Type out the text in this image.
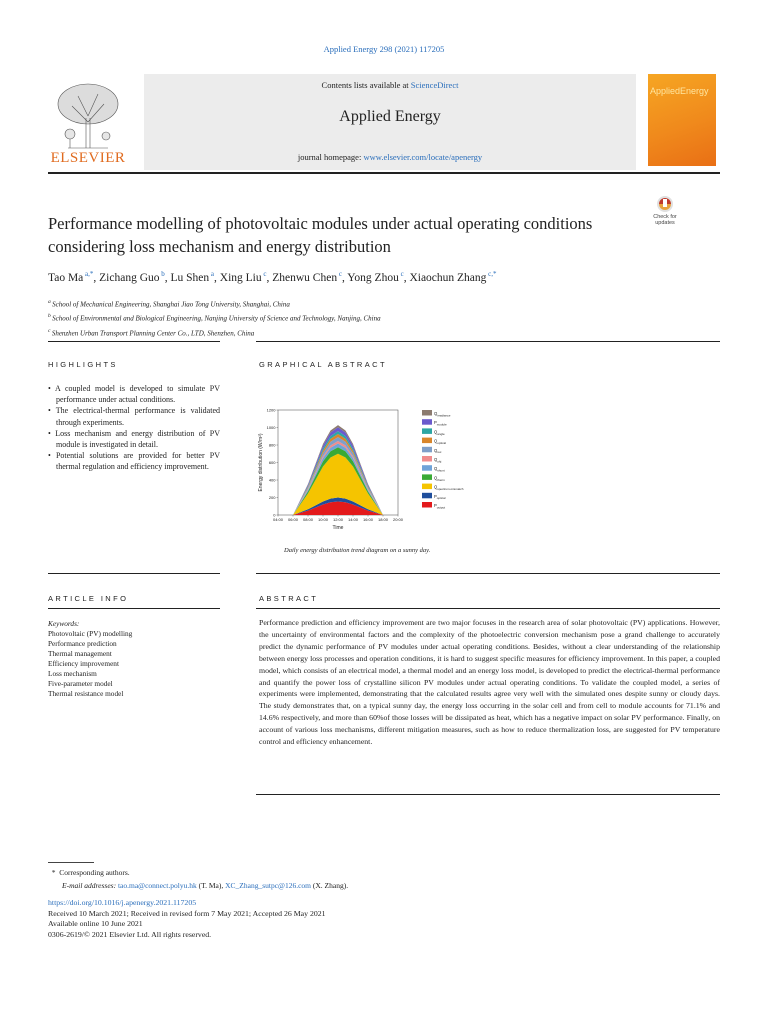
Applied Energy 298 (2021) 117205
ELSEVIER
Contents lists available at ScienceDirect
Applied Energy
journal homepage: www.elsevier.com/locate/apenergy
AppliedEnergy
Performance modelling of photovoltaic modules under actual operating conditions considering loss mechanism and energy distribution
Check for updates
Tao Ma $^{a,*}$, Zichang Guo $^b$, Lu Shen $^a$, Xing Liu $^c$, Zhenwu Chen $^c$, Yong Zhou $^c$, Xiaochun Zhang $^{c,*}$
$^a$ School of Mechanical Engineering, Shanghai Jiao Tong University, Shanghai, China
$^b$ School of Environmental and Biological Engineering, Nanjing University of Science and Technology, Nanjing, China
$^c$ Shenzhen Urban Transport Planning Center Co., LTD, Shenzhen, China
HIGHLIGHTS	GRAPHICAL ABSTRACT
• A coupled model is developed to simulate PV performance under actual conditions.
• The electrical-thermal performance is validated through experiments.
• Loss mechanism and energy distribution of PV module is investigated in detail.
• Potential solutions are provided for better PV thermal regulation and efficiency improvement.
0
200
400
600
800
1000
1200
04:00 06:00 08:00 10:00 12:00 14:00 16:00 18:00 20:00
Time
Energy distribution (W/m²)
$Q_{irradiance}$
$P_{module}$
$Q_{angle}$
$Q_{optical}$
$Q_{rec}$
$Q_{ohj}$
$Q_{shunt}$
$Q_{therm}$
$Q_{spectrum-mismatch}$
$P_{optical}$
$P_{output}$
Daily energy distribution trend diagram on a sunny day.
ARTICLE INFO	ABSTRACT
Keywords:
Photovoltaic (PV) modelling
Performance prediction
Thermal management
Efficiency improvement
Loss mechanism
Five-parameter model
Thermal resistance model
Performance prediction and efficiency improvement are two major focuses in the research area of solar photovoltaic (PV) applications. However, the uncertainty of environmental factors and the complexity of the photoelectric conversion mechanism pose a grand challenge to accurately predict the dynamic performance of PV modules under actual operating conditions. Besides, without a clear understanding of the relationship between energy loss processes and operation conditions, it is hard to suggest specific measures for efficiency improvement. In this paper, a coupled model, which consists of an electrical model, a thermal model and an energy loss model, is developed to predict the electrical-thermal performance and quantify the power loss of crystalline silicon PV modules under actual operating conditions. To validate the coupled model, a series of experiments were implemented, demonstrating that the calculated results agree very well with the simulated ones despite sunny or cloudy days. The study demonstrates that, on a typical sunny day, the energy loss occurring in the solar cell and from cell to module accounts for 71.1% and 14.6% respectively, and more than 60%of those losses will be dissipated as heat, which has a negative impact on solar PV performance. Finally, on account of various loss mechanisms, different mitigation measures, such as how to reduce thermalization loss, are suggested for PV temperature control and efficiency enhancement.
*  Corresponding authors.
E-mail addresses: tao.ma@connect.polyu.hk (T. Ma), XC_Zhang_sutpc@126.com (X. Zhang).
https://doi.org/10.1016/j.apenergy.2021.117205
Received 10 March 2021; Received in revised form 7 May 2021; Accepted 26 May 2021
Available online 10 June 2021
0306-2619/© 2021 Elsevier Ltd. All rights reserved.
